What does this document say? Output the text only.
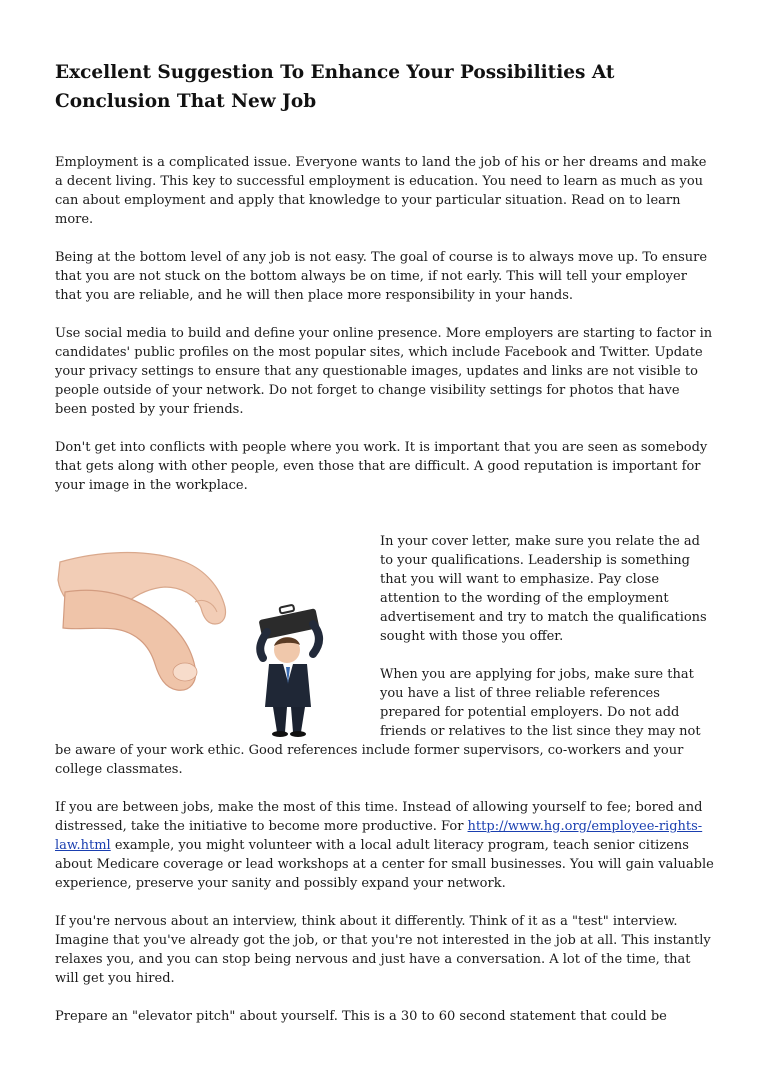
Excellent Suggestion To Enhance Your Possibilities At Conclusion That New Job

Employment is a complicated issue. Everyone wants to land the job of his or her dreams and make a decent living. This key to successful employment is education. You need to learn as much as you can about employment and apply that knowledge to your particular situation. Read on to learn more.

Being at the bottom level of any job is not easy. The goal of course is to always move up. To ensure that you are not stuck on the bottom always be on time, if not early. This will tell your employer that you are reliable, and he will then place more responsibility in your hands.

Use social media to build and define your online presence. More employers are starting to factor in candidates' public profiles on the most popular sites, which include Facebook and Twitter. Update your privacy settings to ensure that any questionable images, updates and links are not visible to people outside of your network. Do not forget to change visibility settings for photos that have been posted by your friends.

Don't get into conflicts with people where you work. It is important that you are seen as somebody that gets along with other people, even those that are difficult. A good reputation is important for your image in the workplace.

In your cover letter, make sure you relate the ad to your qualifications. Leadership is something that you will want to emphasize. Pay close attention to the wording of the employment advertisement and try to match the qualifications sought with those you offer.

When you are applying for jobs, make sure that you have a list of three reliable references prepared for potential employers. Do not add friends or relatives to the list since they may not be aware of your work ethic. Good references include former supervisors, co-workers and your college classmates.

If you are between jobs, make the most of this time. Instead of allowing yourself to fee; bored and distressed, take the initiative to become more productive. For http://www.hg.org/employee-rights-law.html example, you might volunteer with a local adult literacy program, teach senior citizens about Medicare coverage or lead workshops at a center for small businesses. You will gain valuable experience, preserve your sanity and possibly expand your network.

If you're nervous about an interview, think about it differently. Think of it as a "test" interview. Imagine that you've already got the job, or that you're not interested in the job at all. This instantly relaxes you, and you can stop being nervous and just have a conversation. A lot of the time, that will get you hired.

Prepare an "elevator pitch" about yourself. This is a 30 to 60 second statement that could be
